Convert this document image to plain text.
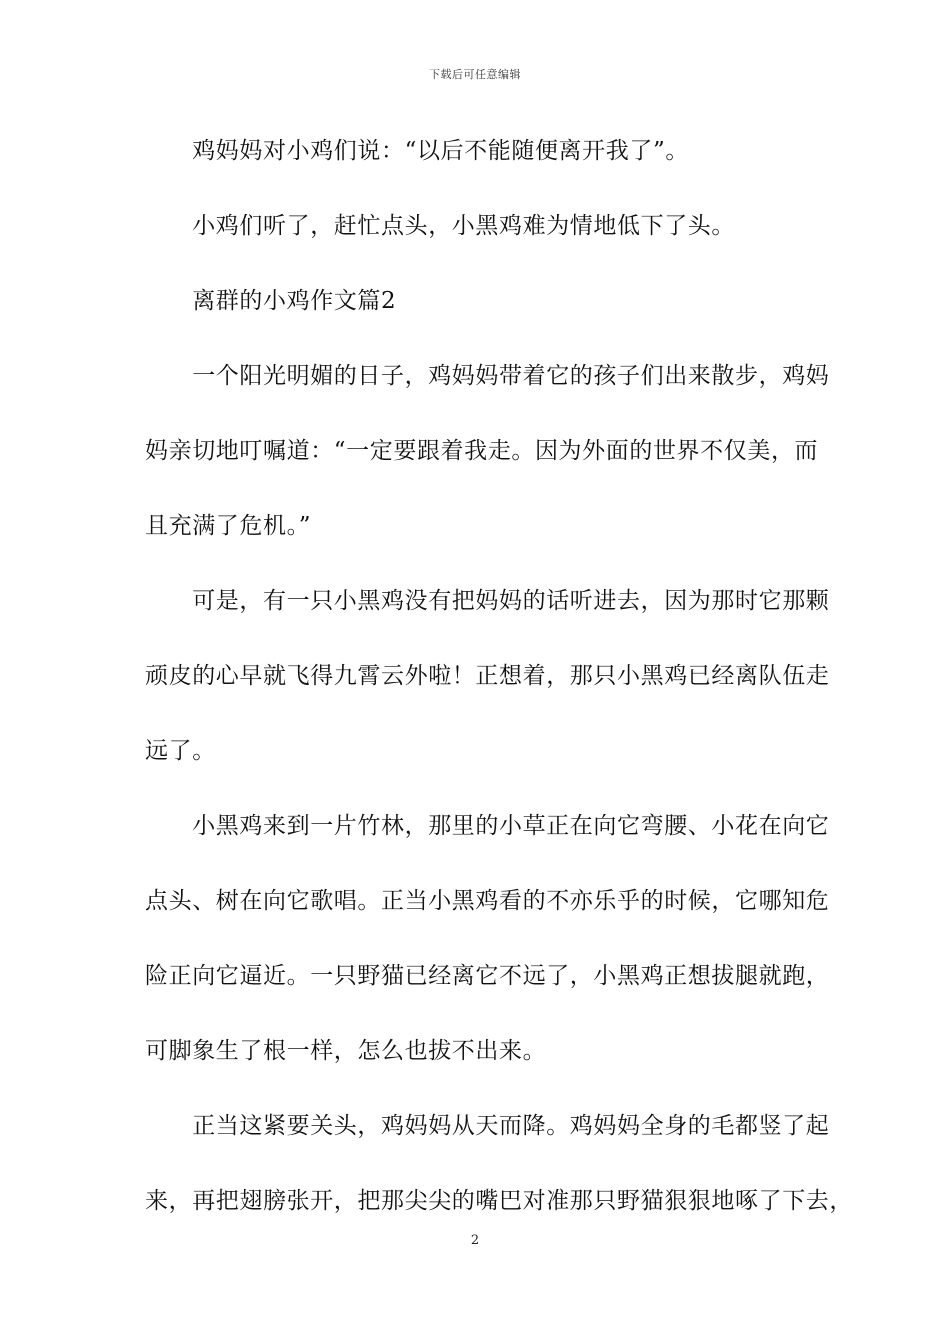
下载后可任意编辑
　　鸡妈妈对小鸡们说：“以后不能随便离开我了”。
　　小鸡们听了，赶忙点头，小黑鸡难为情地低下了头。
　　离群的小鸡作文篇2
　　一个阳光明媚的日子，鸡妈妈带着它的孩子们出来散步，鸡妈
妈亲切地叮嘱道：“一定要跟着我走。因为外面的世界不仅美，而
且充满了危机。”
　　可是，有一只小黑鸡没有把妈妈的话听进去，因为那时它那颗
顽皮的心早就飞得九霄云外啦！正想着，那只小黑鸡已经离队伍走
远了。
　　小黑鸡来到一片竹林，那里的小草正在向它弯腰、小花在向它
点头、树在向它歌唱。正当小黑鸡看的不亦乐乎的时候，它哪知危
险正向它逼近。一只野猫已经离它不远了，小黑鸡正想拔腿就跑，
可脚象生了根一样，怎么也拔不出来。
　　正当这紧要关头，鸡妈妈从天而降。鸡妈妈全身的毛都竖了起
来，再把翅膀张开，把那尖尖的嘴巴对准那只野猫狠狠地啄了下去，
2
